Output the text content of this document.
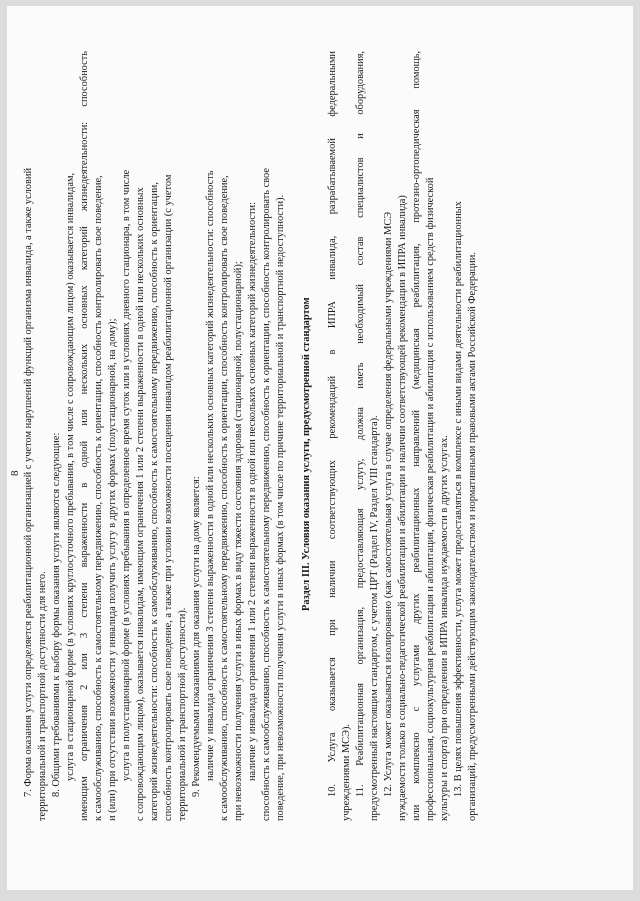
8 7. Форма оказания услуги определяется реабилитационной организацией с учетом нарушений функций организма инвалида, а также условий территориальной и транспортной доступности для него. 8. Общими требованиями к выбору формы оказания услуги являются следующие: услуга в стационарной форме (в условиях круглосуточного пребывания, в том числе с сопровождающим лицом) оказывается инвалидам, имеющим ограничения 2 или 3 степени выраженности в одной или нескольких основных категорий жизнедеятельности: способность к самообслуживанию, способность к самостоятельному передвижению, способность к ориентации, способность контролировать свое поведение, и (или) при отсутствии возможности у инвалида получить услугу в других формах (полустационарной, на дому); услуга в полустационарной форме (в условиях пребывания в определенное время суток или в условиях дневного стационара, в том числе с сопровождающим лицом), оказывается инвалидам, имеющим ограничения 1 или 2 степени выраженности в одной или нескольких основных категорий жизнедеятельности: способность к самообслуживанию, способность к самостоятельному передвижению, способность к ориентации, способность контролировать свое поведение, а также при условии возможности посещения инвалидом реабилитационной организации (с учетом территориальной и транспортной доступности). 9. Рекомендуемыми показаниями для оказания услуги на дому является: наличие у инвалида ограничения 3 степени выраженности в одной или нескольких основных категорий жизнедеятельности: способность к самообслуживанию, способность к самостоятельному передвижению, способность к ориентации, способность контролировать свое поведение, при невозможности получения услуги в иных формах в виду тяжести состояния здоровья (стационарной, полустационарной); наличие у инвалида ограничения 1 или 2 степени выраженности в одной или нескольких основных категорий жизнедеятельности: способность к самообслуживанию, способность к самостоятельному передвижению, способность к ориентации, способность контролировать свое поведение, при невозможности получения услуги в иных формах (в том числе по причине территориальной и транспортной недоступности). Раздел III. Условия оказания услуги, предусмотренной стандартом 10. Услуга оказывается при наличии соответствующих рекомендаций в ИПРА инвалида, разрабатываемой федеральными учреждениями МСЭ). 11. Реабилитационная организация, предоставляющая услугу, должна иметь необходимый состав специалистов и оборудования, предусмотренный настоящим стандартом, с учетом ЦРТ (Раздел IV, Раздел VIII стандарта). 12. Услуга может оказываться изолированно (как самостоятельная услуга в случае определения федеральными учреждениями МСЭ нуждаемости только в социально-педагогической реабилитации и абилитации и наличии соответствующей рекомендации в ИПРА инвалида) или комплексно с услугами других реабилитационных направлений (медицинская реабилитация, протезно-ортопедическая помощь, профессиональная, социокультурная реабилитация и абилитация, физическая реабилитация и абилитация с использованием средств физической культуры и спорта) при определении в ИПРА инвалида нуждаемости в других услугах. 13. В целях повышения эффективности, услуга может предоставляться в комплексе с иными видами деятельности реабилитационных организаций, предусмотренными действующим законодательством и нормативными правовыми актами Российской Федерации.
